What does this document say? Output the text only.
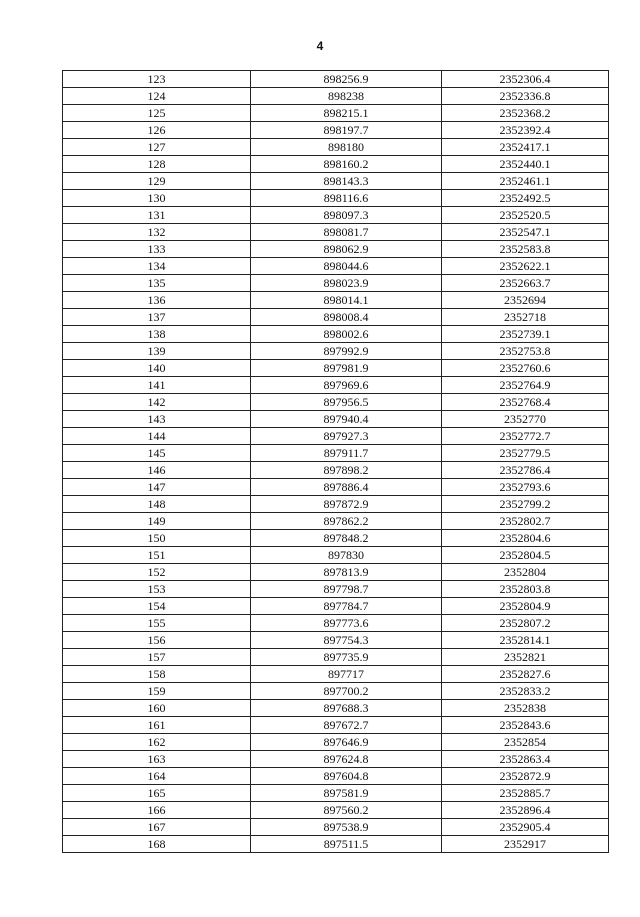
4
123	898256.9	2352306.4
124	898238	2352336.8
125	898215.1	2352368.2
126	898197.7	2352392.4
127	898180	2352417.1
128	898160.2	2352440.1
129	898143.3	2352461.1
130	898116.6	2352492.5
131	898097.3	2352520.5
132	898081.7	2352547.1
133	898062.9	2352583.8
134	898044.6	2352622.1
135	898023.9	2352663.7
136	898014.1	2352694
137	898008.4	2352718
138	898002.6	2352739.1
139	897992.9	2352753.8
140	897981.9	2352760.6
141	897969.6	2352764.9
142	897956.5	2352768.4
143	897940.4	2352770
144	897927.3	2352772.7
145	897911.7	2352779.5
146	897898.2	2352786.4
147	897886.4	2352793.6
148	897872.9	2352799.2
149	897862.2	2352802.7
150	897848.2	2352804.6
151	897830	2352804.5
152	897813.9	2352804
153	897798.7	2352803.8
154	897784.7	2352804.9
155	897773.6	2352807.2
156	897754.3	2352814.1
157	897735.9	2352821
158	897717	2352827.6
159	897700.2	2352833.2
160	897688.3	2352838
161	897672.7	2352843.6
162	897646.9	2352854
163	897624.8	2352863.4
164	897604.8	2352872.9
165	897581.9	2352885.7
166	897560.2	2352896.4
167	897538.9	2352905.4
168	897511.5	2352917
